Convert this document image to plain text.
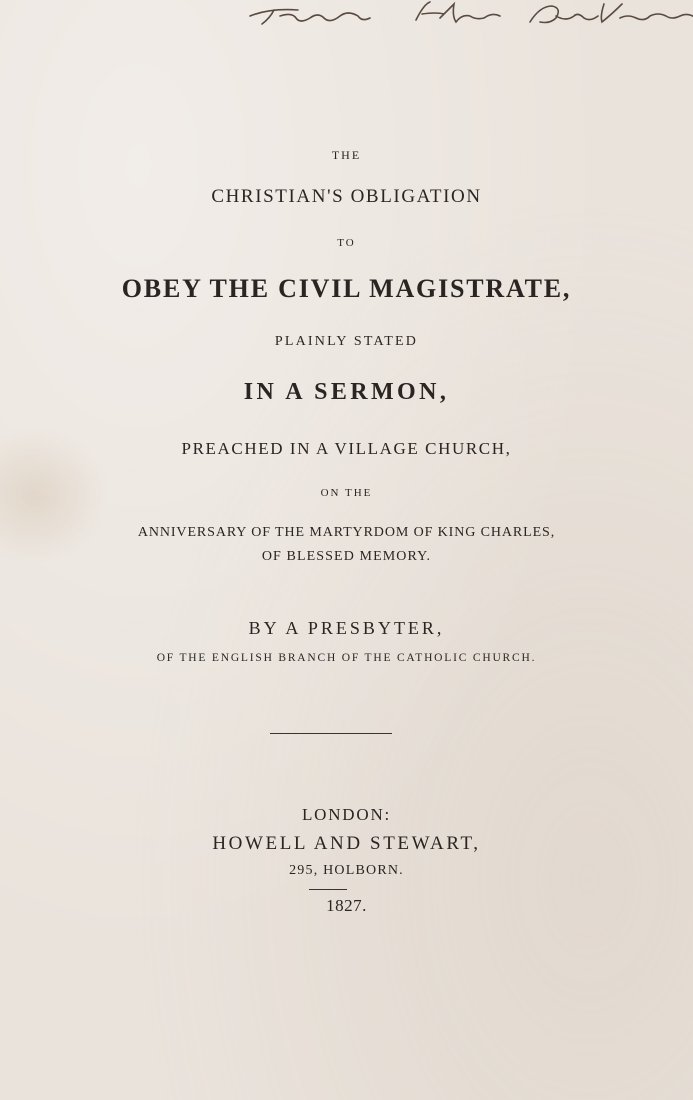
THE
CHRISTIAN'S OBLIGATION
TO
OBEY THE CIVIL MAGISTRATE,
PLAINLY STATED
IN A SERMON,
PREACHED IN A VILLAGE CHURCH,
ON THE
ANNIVERSARY OF THE MARTYRDOM OF KING CHARLES,
OF BLESSED MEMORY.
BY A PRESBYTER,
OF THE ENGLISH BRANCH OF THE CATHOLIC CHURCH.
LONDON:
HOWELL AND STEWART,
295, HOLBORN.
1827.
